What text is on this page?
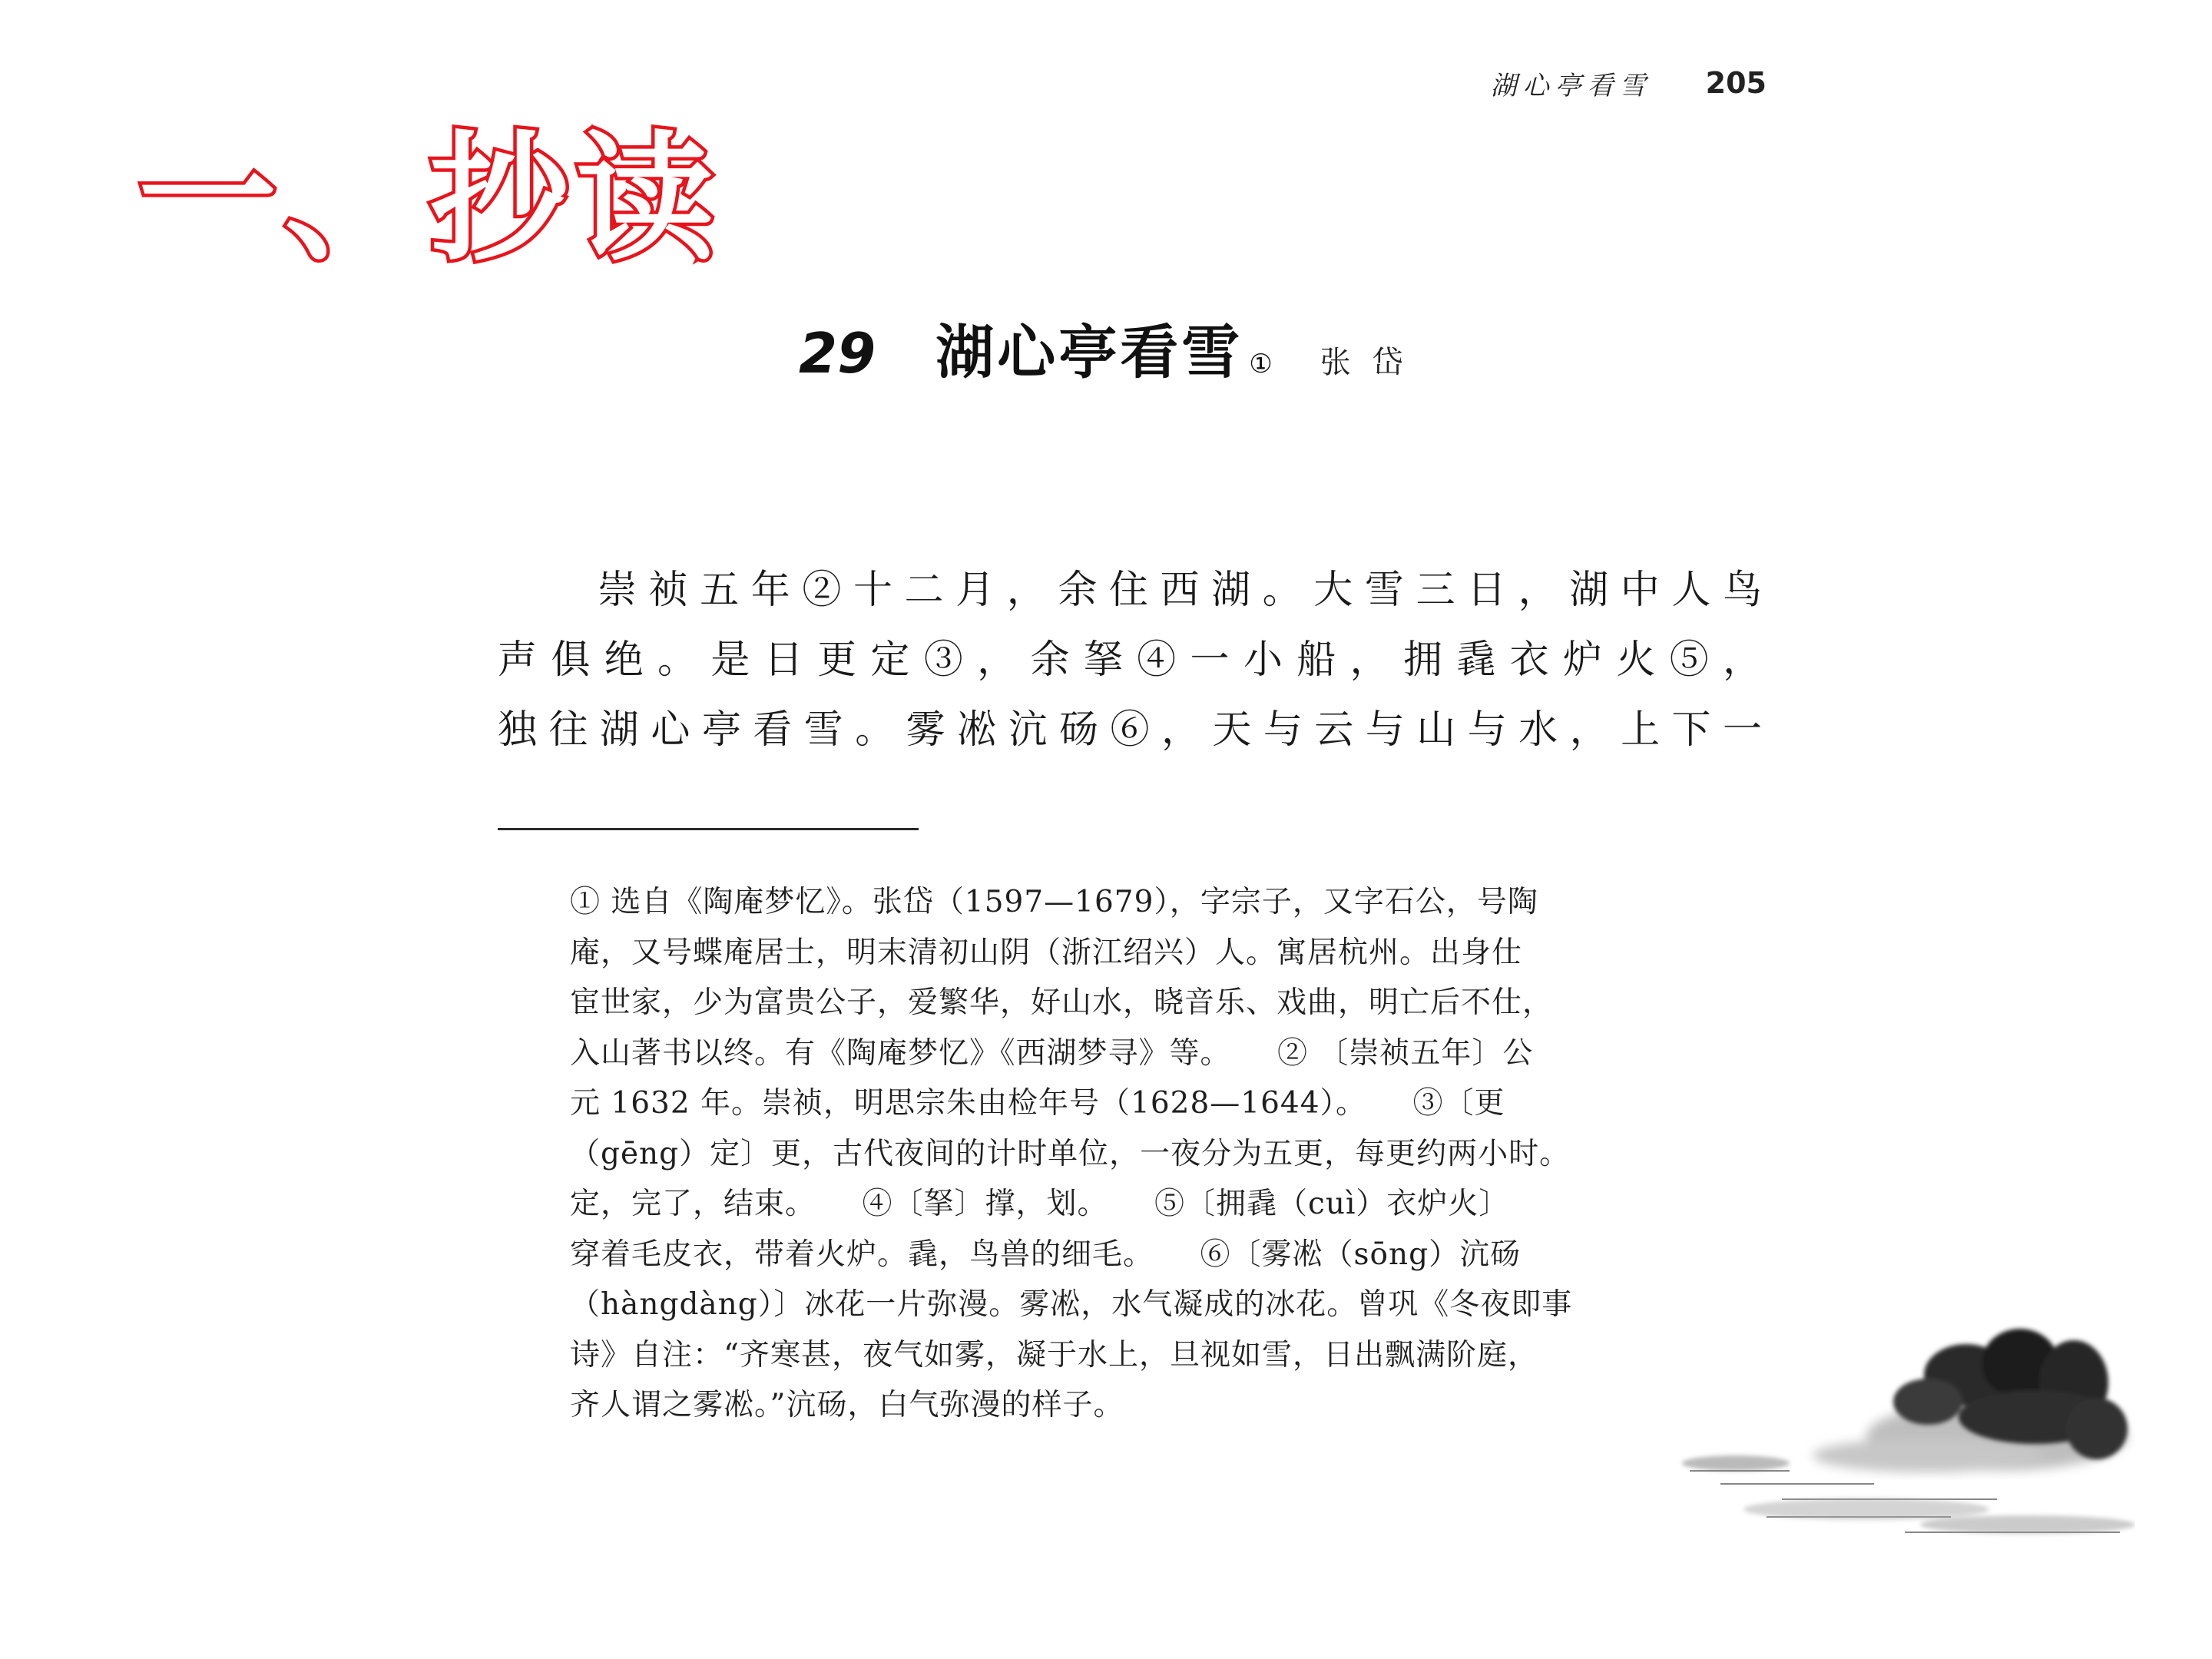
湖心亭看雪 205
一、抄读
29 湖心亭看雪 ① 张岱
崇祯五年②十二月，余住西湖。大雪三日，湖中人鸟
声俱绝。是日更定③，余拏④一小船，拥毳衣炉火⑤，
独往湖心亭看雪。雾凇沆砀⑥，天与云与山与水，上下一
① 选自《陶庵梦忆》。张岱（1597—1679），字宗子，又字石公，号陶
庵，又号蝶庵居士，明末清初山阴（浙江绍兴）人。寓居杭州。出身仕
宦世家，少为富贵公子，爱繁华，好山水，晓音乐、戏曲，明亡后不仕，
入山著书以终。有《陶庵梦忆》《西湖梦寻》等。　　② 〔崇祯五年〕公
元 1632 年。崇祯，明思宗朱由检年号（1628—1644）。　　③〔更
（gēng）定〕更，古代夜间的计时单位，一夜分为五更，每更约两小时。
定，完了，结束。　　④〔拏〕撑，划。　　⑤〔拥毳（cuì）衣炉火〕
穿着毛皮衣，带着火炉。毳，鸟兽的细毛。　　⑥〔雾凇（sōng）沆砀
（hàngdàng）〕冰花一片弥漫。雾凇，水气凝成的冰花。曾巩《冬夜即事
诗》自注：“齐寒甚，夜气如雾，凝于水上，旦视如雪，日出飘满阶庭，
齐人谓之雾凇。”沆砀，白气弥漫的样子。
